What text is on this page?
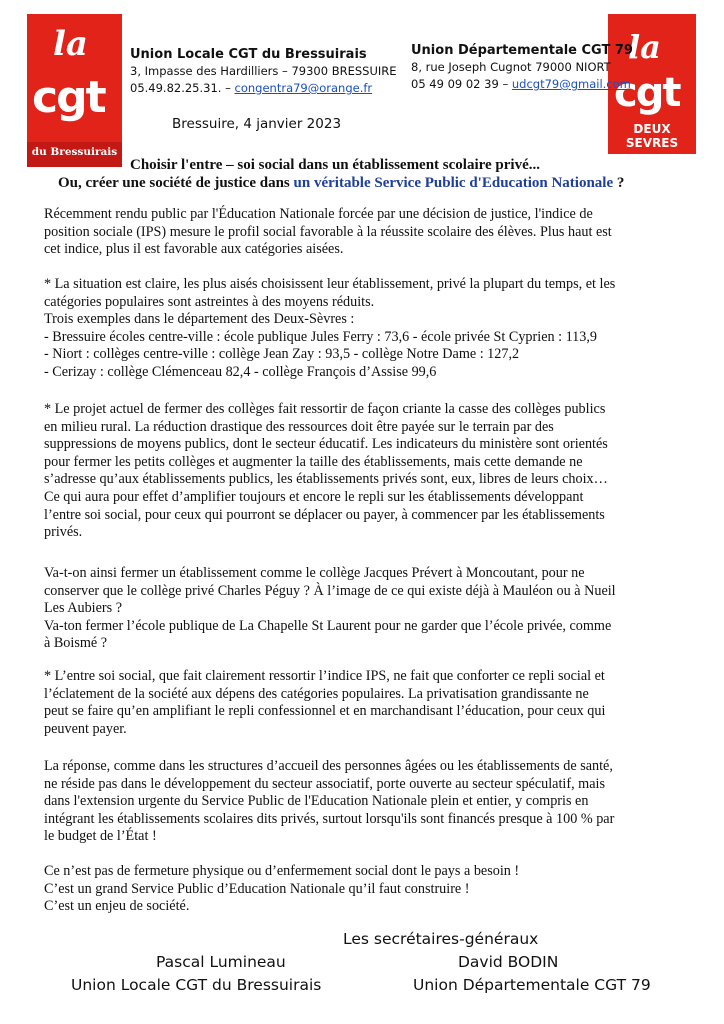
la
cgt
du Bressuirais
la
cgt
DEUX
SEVRES
Union Locale CGT du Bressuirais
3, Impasse des Hardilliers – 79300 BRESSUIRE
05.49.82.25.31. – congentra79@orange.fr
Union Départementale CGT 79
8, rue Joseph Cugnot 79000 NIORT
05 49 09 02 39 – udcgt79@gmail.com
Bressuire, 4 janvier 2023
Choisir l'entre – soi social dans un établissement scolaire privé...
Ou, créer une société de justice dans un véritable Service Public d'Education Nationale ?
Récemment rendu public par l'Éducation Nationale forcée par une décision de justice, l'indice de
position sociale (IPS) mesure le profil social favorable à la réussite scolaire des élèves. Plus haut est
cet indice, plus il est favorable aux catégories aisées.
* La situation est claire, les plus aisés choisissent leur établissement, privé la plupart du temps, et les
catégories populaires sont astreintes à des moyens réduits.
Trois exemples dans le département des Deux-Sèvres :
- Bressuire écoles centre-ville : école publique Jules Ferry : 73,6 - école privée St Cyprien : 113,9
- Niort : collèges centre-ville : collège Jean Zay : 93,5 - collège Notre Dame : 127,2
- Cerizay : collège Clémenceau 82,4 - collège François d’Assise 99,6
* Le projet actuel de fermer des collèges fait ressortir de façon criante la casse des collèges publics
en milieu rural. La réduction drastique des ressources doit être payée sur le terrain par des
suppressions de moyens publics, dont le secteur éducatif. Les indicateurs du ministère sont orientés
pour fermer les petits collèges et augmenter la taille des établissements, mais cette demande ne
s’adresse qu’aux établissements publics, les établissements privés sont, eux, libres de leurs choix…
Ce qui aura pour effet d’amplifier toujours et encore le repli sur les établissements développant
l’entre soi social, pour ceux qui pourront se déplacer ou payer, à commencer par les établissements
privés.
Va-t-on ainsi fermer un établissement comme le collège Jacques Prévert à Moncoutant, pour ne
conserver que le collège privé Charles Péguy ? À l’image de ce qui existe déjà à Mauléon ou à Nueil
Les Aubiers ?
Va-ton fermer l’école publique de La Chapelle St Laurent pour ne garder que l’école privée, comme
à Boismé ?
* L’entre soi social, que fait clairement ressortir l’indice IPS, ne fait que conforter ce repli social et
l’éclatement de la société aux dépens des catégories populaires. La privatisation grandissante ne
peut se faire qu’en amplifiant le repli confessionnel et en marchandisant l’éducation, pour ceux qui
peuvent payer.
La réponse, comme dans les structures d’accueil des personnes âgées ou les établissements de santé,
ne réside pas dans le développement du secteur associatif, porte ouverte au secteur spéculatif, mais
dans l'extension urgente du Service Public de l'Education Nationale plein et entier, y compris en
intégrant les établissements scolaires dits privés, surtout lorsqu'ils sont financés presque à 100 % par
le budget de l’État !
Ce n’est pas de fermeture physique ou d’enfermement social dont le pays a besoin !
C’est un grand Service Public d’Education Nationale qu’il faut construire !
C’est un enjeu de société.
Les secrétaires-généraux
Pascal Lumineau
Union Locale CGT du Bressuirais
David BODIN
Union Départementale CGT 79
